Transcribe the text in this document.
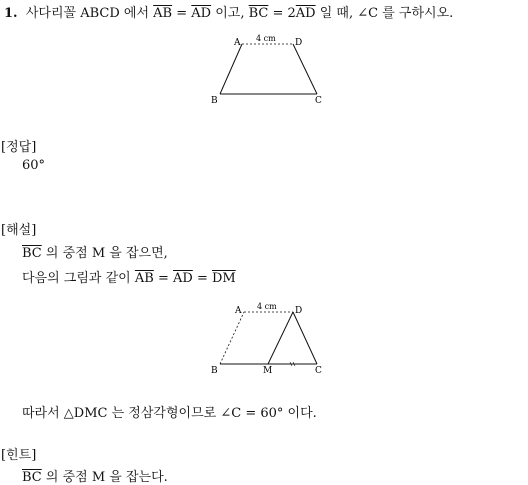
1. 사다리꼴 ABCD 에서 $\overline{AB} = \overline{AD}$ 이고, $\overline{BC} = 2\overline{AD}$ 일 때, ∠C 를 구하시오.
A	D
B	C
4 cm
[정답]
60°
[해설]
$\overline{BC}$ 의 중점 M 을 잡으면,
다음의 그림과 같이 $\overline{AB} = \overline{AD} = \overline{DM}$
A	D
B	M	C
4 cm
따라서 △DMC 는 정삼각형이므로 ∠C = 60° 이다.
[힌트]
$\overline{BC}$ 의 중점 M 을 잡는다.
